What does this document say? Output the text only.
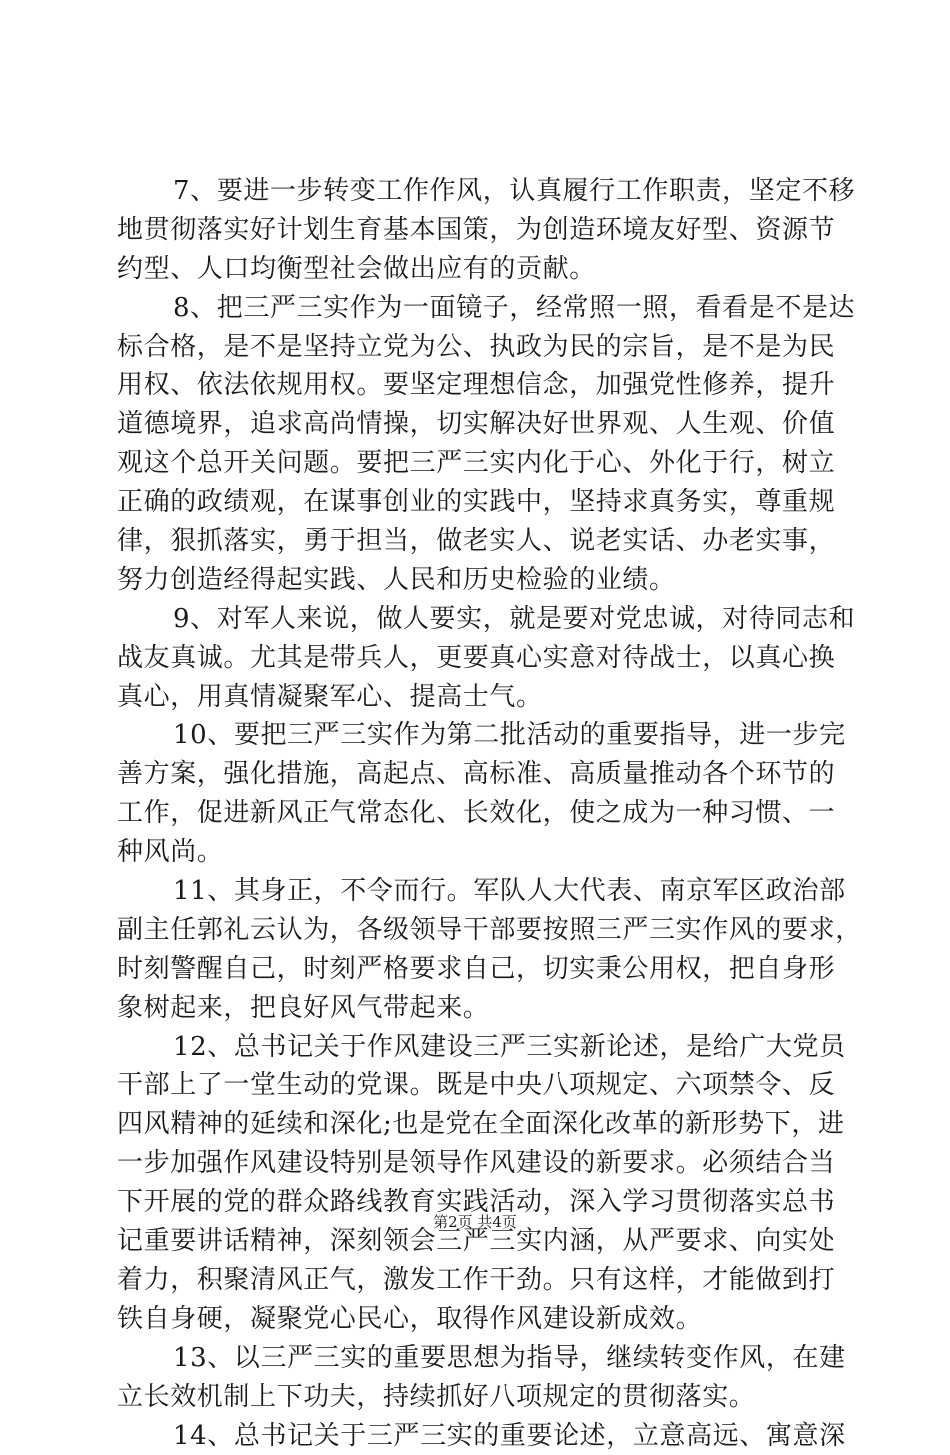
7、要进一步转变工作作风，认真履行工作职责，坚定不移
地贯彻落实好计划生育基本国策，为创造环境友好型、资源节
约型、人口均衡型社会做出应有的贡献。
8、把三严三实作为一面镜子，经常照一照，看看是不是达
标合格，是不是坚持立党为公、执政为民的宗旨，是不是为民
用权、依法依规用权。要坚定理想信念，加强党性修养，提升
道德境界，追求高尚情操，切实解决好世界观、人生观、价值
观这个总开关问题。要把三严三实内化于心、外化于行，树立
正确的政绩观，在谋事创业的实践中，坚持求真务实，尊重规
律，狠抓落实，勇于担当，做老实人、说老实话、办老实事，
努力创造经得起实践、人民和历史检验的业绩。
9、对军人来说，做人要实，就是要对党忠诚，对待同志和
战友真诚。尤其是带兵人，更要真心实意对待战士，以真心换
真心，用真情凝聚军心、提高士气。
10、要把三严三实作为第二批活动的重要指导，进一步完
善方案，强化措施，高起点、高标准、高质量推动各个环节的
工作，促进新风正气常态化、长效化，使之成为一种习惯、一
种风尚。
11、其身正，不令而行。军队人大代表、南京军区政治部
副主任郭礼云认为，各级领导干部要按照三严三实作风的要求，
时刻警醒自己，时刻严格要求自己，切实秉公用权，把自身形
象树起来，把良好风气带起来。
12、总书记关于作风建设三严三实新论述，是给广大党员
干部上了一堂生动的党课。既是中央八项规定、六项禁令、反
四风精神的延续和深化;也是党在全面深化改革的新形势下，进
一步加强作风建设特别是领导作风建设的新要求。必须结合当
下开展的党的群众路线教育实践活动，深入学习贯彻落实总书
记重要讲话精神，深刻领会三严三实内涵，从严要求、向实处
着力，积聚清风正气，激发工作干劲。只有这样，才能做到打
铁自身硬，凝聚党心民心，取得作风建设新成效。
13、以三严三实的重要思想为指导，继续转变作风，在建
立长效机制上下功夫，持续抓好八项规定的贯彻落实。
14、总书记关于三严三实的重要论述，立意高远、寓意深
第2页 共4页
